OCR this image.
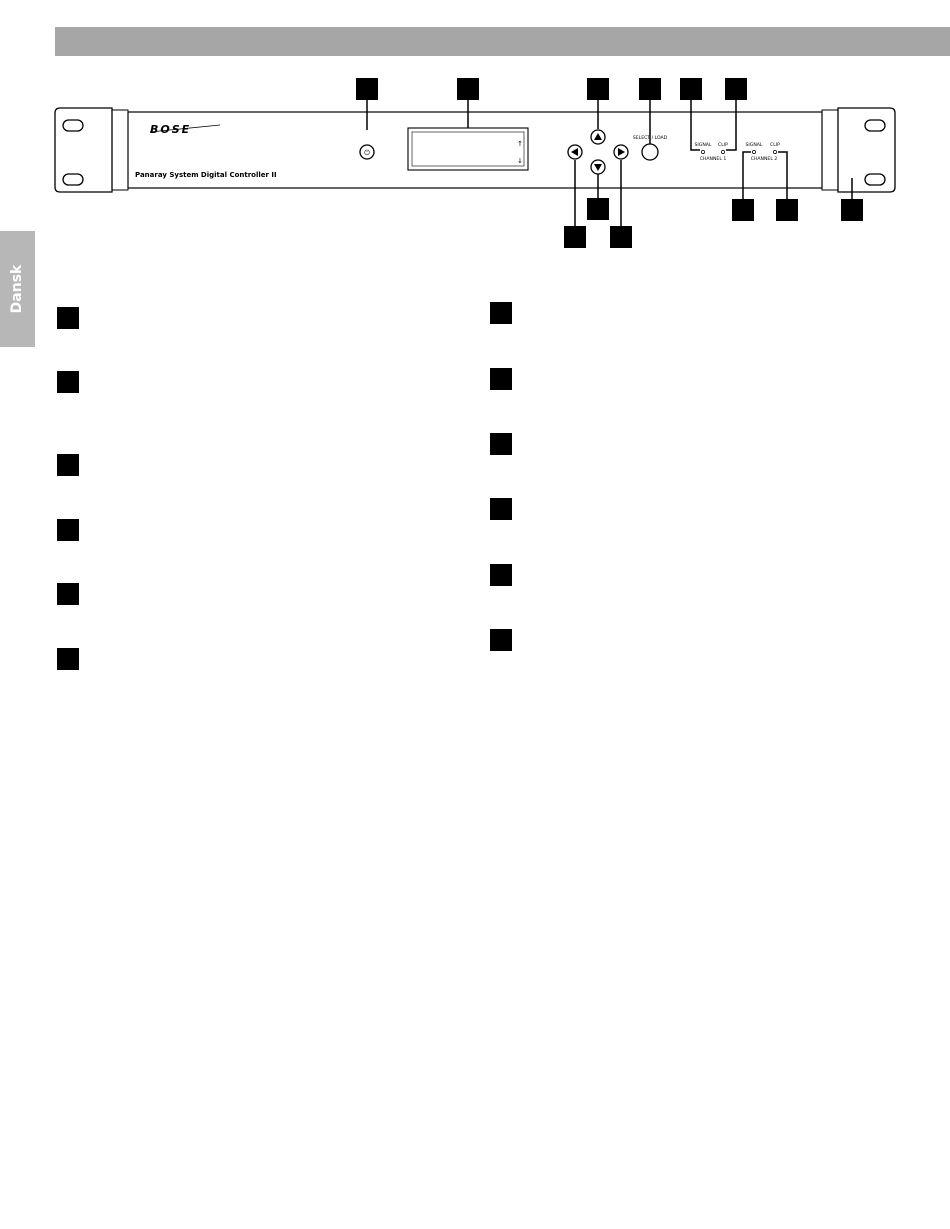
Dansk
BOSE
Panaray System Digital Controller II
⏻
↑
↓
SELECT / LOAD
SIGNAL CLIP
CHANNEL 1
SIGNAL CLIP
CHANNEL 2
